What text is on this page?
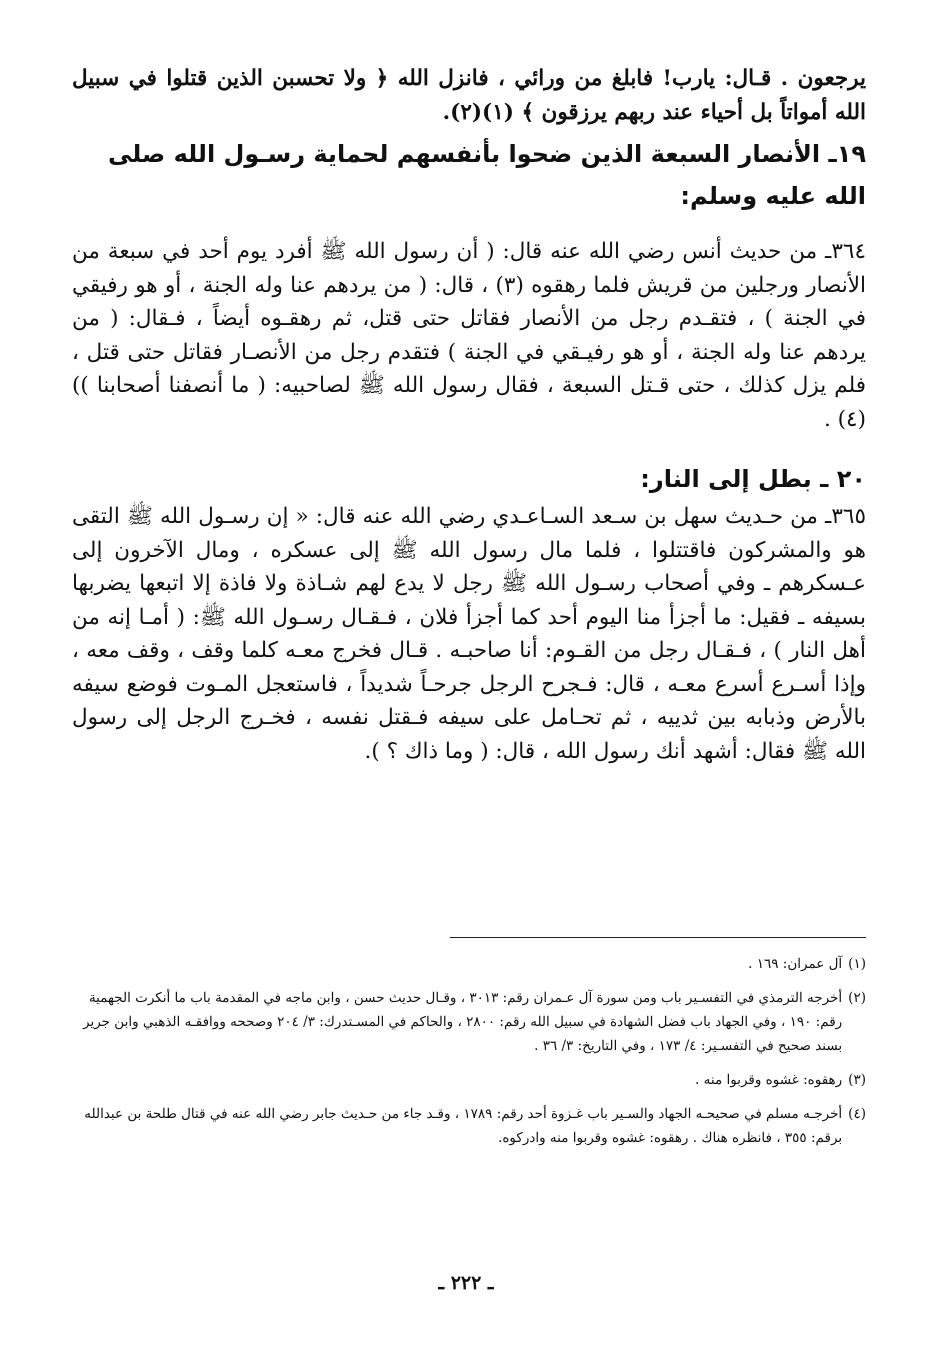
يرجعون . قـال: يارب! فابلغ من ورائي ، فانزل الله ﴿ ولا تحسبن الذين قتلوا في سبيل الله أمواتاً بل أحياء عند ربهم يرزقون ﴾ (١)(٢).

١٩ـ الأنصار السبعة الذين ضحوا بأنفسهم لحماية رسـول الله صلى الله عليه وسلم:

٣٦٤ـ من حديث أنس رضي الله عنه قال: ( أن رسول الله ﷺ أفرد يوم أحد في سبعة من الأنصار ورجلين من قريش فلما رهقوه (٣) ، قال: ( من يردهم عنا وله الجنة ، أو هو رفيقي في الجنة ) ، فتقـدم رجل من الأنصار فقاتل حتى قتل، ثم رهقـوه أيضاً ، فـقال: ( من يردهم عنا وله الجنة ، أو هو رفيـقي في الجنة ) فتقدم رجل من الأنصـار فقاتل حتى قتل ، فلم يزل كذلك ، حتى قـتل السبعة ، فقال رسول الله ﷺ لصاحبيه: ( ما أنصفنا أصحابنا ))(٤) .

٢٠ ـ بطل إلى النار:

٣٦٥ـ من حـديث سهل بن سـعد السـاعـدي رضي الله عنه قال: « إن رسـول الله ﷺ التقى هو والمشركون فاقتتلوا ، فلما مال رسول الله ﷺ إلى عسكره ، ومال الآخرون إلى عـسكرهم ـ وفي أصحاب رسـول الله ﷺ رجل لا يدع لهم شـاذة ولا فاذة إلا اتبعها يضربها بسيفه ـ فقيل: ما أجزأ منا اليوم أحد كما أجزأ فلان ، فـقـال رسـول الله ﷺ: ( أمـا إنه من أهل النار ) ، فـقـال رجل من القـوم: أنا صاحبـه . قـال فخرج معـه كلما وقف ، وقف معه ، وإذا أسـرع أسرع معـه ، قال: فـجرح الرجل جرحـاً شديداً ، فاستعجل المـوت فوضع سيفه بالأرض وذبابه بين ثدييه ، ثم تحـامل على سيفه فـقتل نفسه ، فخـرج الرجل إلى رسول الله ﷺ فقال: أشهد أنك رسول الله ، قال: ( وما ذاك ؟ ).

(١)
آل عمران: ١٦٩ .

(٢)
أخرجه الترمذي في التفسـير باب ومن سورة آل عـمران رقم: ٣٠١٣ ، وقـال حديث حسن ، وابن ماجه في المقدمة باب ما أنكرت الجهمية رقم: ١٩٠ ، وفي الجهاد باب فضل الشهادة في سبيل الله رقم: ٢٨٠٠ ، والحاكم في المسـتدرك: ٣/ ٢٠٤ وصححه ووافقـه الذهبي وابن جرير بسند صحيح في التفسـير: ٤/ ١٧٣ ، وفي التاريخ: ٣/ ٣٦ .

(٣)
رهقوه: غشوه وقربوا منه .

(٤)
أخرجـه مسلم في صحيحـه الجهاد والسـير باب غـزوة أحد رقم: ١٧٨٩ ، وقـد جاء من حـديث جابر رضي الله عنه في قتال طلحة بن عبدالله برقم: ٣٥٥ ، فانظره هناك . رهقوه: غشوه وقربوا منه وادركوه.

ـ ٢٢٢ ـ
